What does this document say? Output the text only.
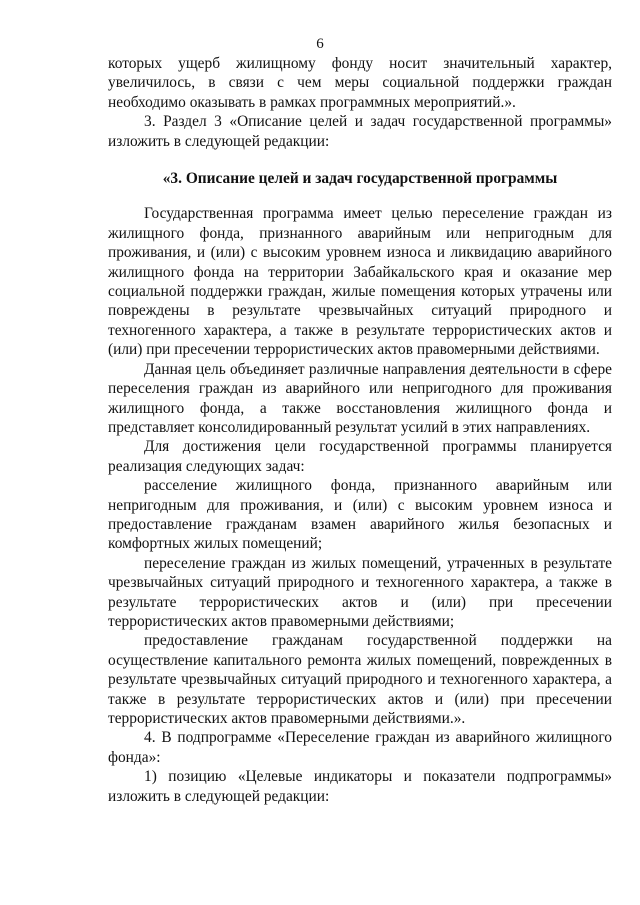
6

которых ущерб жилищному фонду носит значительный характер, увеличилось, в связи с чем меры социальной поддержки граждан необходимо оказывать в рамках программных мероприятий.».

3. Раздел 3 «Описание целей и задач государственной программы» изложить в следующей редакции:

«3. Описание целей и задач государственной программы

Государственная программа имеет целью переселение граждан из жилищного фонда, признанного аварийным или непригодным для проживания, и (или) с высоким уровнем износа и ликвидацию аварийного жилищного фонда на территории Забайкальского края и оказание мер социальной поддержки граждан, жилые помещения которых утрачены или повреждены в результате чрезвычайных ситуаций природного и техногенного характера, а также в результате террористических актов и (или) при пресечении террористических актов правомерными действиями.

Данная цель объединяет различные направления деятельности в сфере переселения граждан из аварийного или непригодного для проживания жилищного фонда, а также восстановления жилищного фонда и представляет консолидированный результат усилий в этих направлениях.

Для достижения цели государственной программы планируется реализация следующих задач:

расселение жилищного фонда, признанного аварийным или непригодным для проживания, и (или) с высоким уровнем износа и предоставление гражданам взамен аварийного жилья безопасных и комфортных жилых помещений;

переселение граждан из жилых помещений, утраченных в результате чрезвычайных ситуаций природного и техногенного характера, а также в результате террористических актов и (или) при пресечении террористических актов правомерными действиями;

предоставление гражданам государственной поддержки на осуществление капитального ремонта жилых помещений, поврежденных в результате чрезвычайных ситуаций природного и техногенного характера, а также в результате террористических актов и (или) при пресечении террористических актов правомерными действиями.».

4. В подпрограмме «Переселение граждан из аварийного жилищного фонда»:

1) позицию «Целевые индикаторы и показатели подпрограммы» изложить в следующей редакции:
